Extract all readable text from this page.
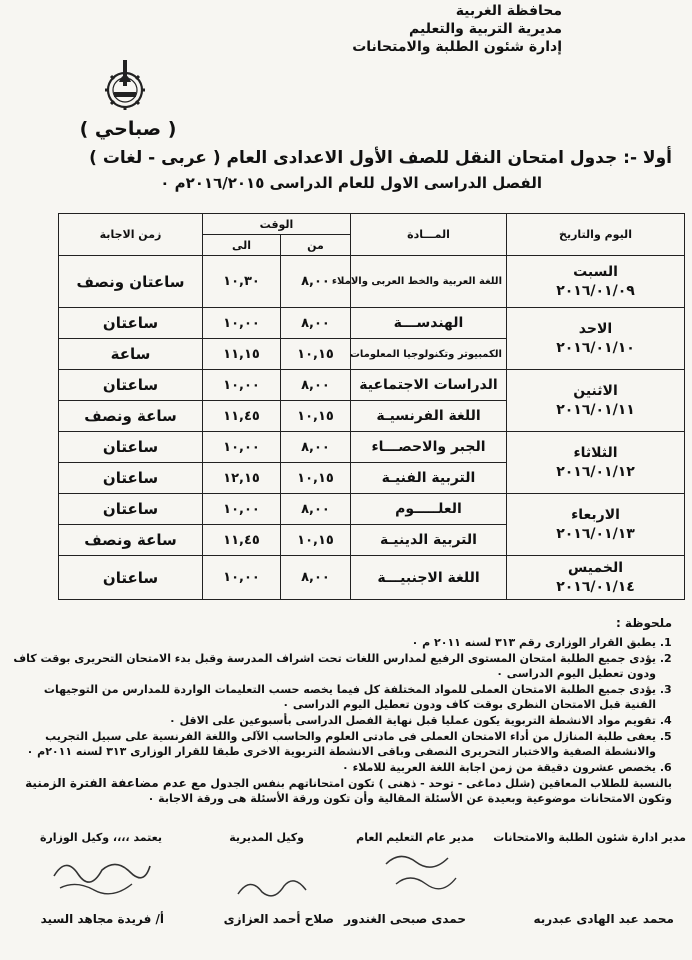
محافظة الغربية
مديرية التربية والتعليم
إدارة شئون الطلبة والامتحانات
( صباحي )
أولا -: جدول امتحان النقل للصف الأول الاعدادى العام ( عربى - لغات )
الفصل الدراسى الاول للعام الدراسى ٢٠١٦/٢٠١٥م ٠
اليوم والتاريخ	المـــادة	الوقت		زمن الاجابة
		من	الى	

السبت
٢٠١٦/٠١/٠٩	اللغة العربية والخط العربى والاملاء	٨,٠٠	١٠,٣٠	ساعتان ونصف

الاحد
٢٠١٦/٠١/١٠	الهندســـة	٨,٠٠	١٠,٠٠	ساعتان
	الكمبيوتر وتكنولوجيا المعلومات	١٠,١٥	١١,١٥	ساعة

الاثنين
٢٠١٦/٠١/١١	الدراسات الاجتماعية	٨,٠٠	١٠,٠٠	ساعتان
	اللغة الفرنسيـة	١٠,١٥	١١,٤٥	ساعة ونصف

الثلاثاء
٢٠١٦/٠١/١٢	الجبر والاحصـــاء	٨,٠٠	١٠,٠٠	ساعتان
	التربية الفنيـة	١٠,١٥	١٢,١٥	ساعتان

الاربعاء
٢٠١٦/٠١/١٣	العلـــــوم	٨,٠٠	١٠,٠٠	ساعتان
	التربية الدينيـة	١٠,١٥	١١,٤٥	ساعة ونصف

الخميس
٢٠١٦/٠١/١٤	اللغة الاجنبيـــة	٨,٠٠	١٠,٠٠	ساعتان
ملحوظة :
1. يطبق القرار الوزارى رقم ٣١٣ لسنه ٢٠١١ م ٠
2. يؤدى جميع الطلبة امتحان المستوى الرفيع لمدارس اللغات تحت اشراف المدرسة وقبل بدء الامتحان التحريرى بوقت كاف ودون تعطيل اليوم الدراسى ٠
3. يؤدى جميع الطلبة الامتحان العملى للمواد المختلفة كل فيما يخصه حسب التعليمات الواردة للمدارس من التوجيهات الفنية قبل الامتحان النظرى بوقت كاف ودون تعطيل اليوم الدراسى ٠
4. تقويم مواد الانشطة التربوية يكون عمليا قبل نهاية الفصل الدراسى بأسبوعين على الاقل ٠
5. يعفى طلبة المنازل من أداء الامتحان العملى فى مادتى العلوم والحاسب الآلى واللغة الفرنسية على سبيل التجريب والانشطة الصفية والاختبار التحريرى النصفى وباقى الانشطة التربوية الاخرى طبقا للقرار الوزارى ٣١٣ لسنه ٢٠١١م ٠
6. يخصص عشرون دقيقة من زمن اجابة اللغة العربية للاملاء ٠
بالنسبة للطلاب المعاقين (شلل دماغى - توحد - ذهنى ) تكون امتحاناتهم بنفس الجدول مع عدم مضاعفة الفترة الزمنية
وتكون الامتحانات موضوعية وبعيدة عن الأسئلة المقالية وأن تكون ورقة الأسئلة هى ورقة الاجابة ٠
مدير ادارة شئون الطلبة والامتحانات
مدير عام التعليم العام
وكيل المديرية
يعتمد ،،،، وكيل الوزارة
محمد عبد الهادى عبدربه
حمدى صبحى الغندور
صلاح أحمد العزازى
أ/ فريدة مجاهد السيد
